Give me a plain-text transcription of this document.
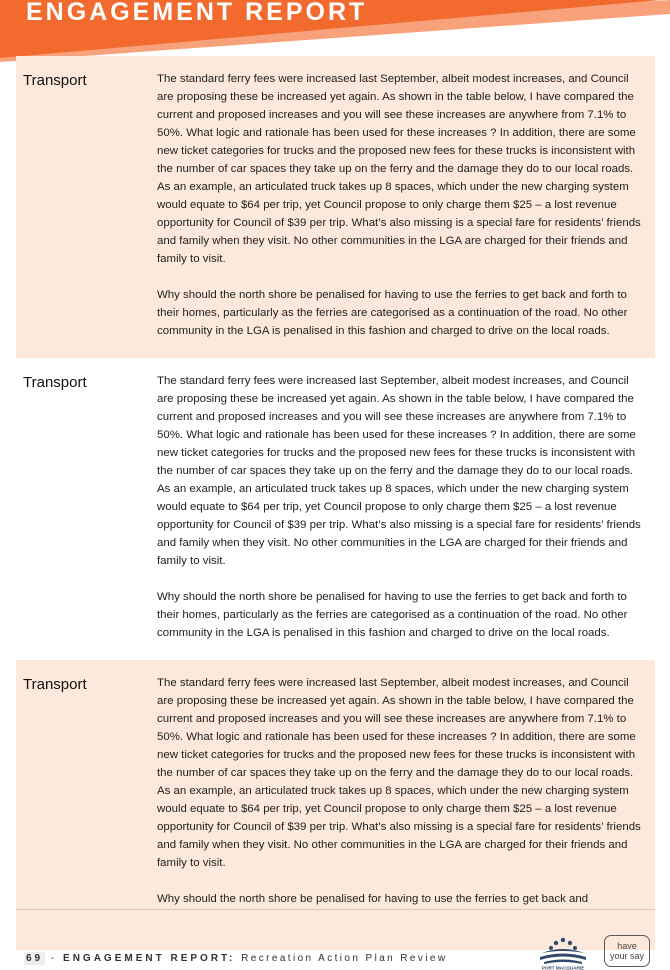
ENGAGEMENT REPORT
Transport	The standard ferry fees were increased last September, albeit modest increases, and Council are proposing these be increased yet again. As shown in the table below, I have compared the current and proposed increases and you will see these increases are anywhere from 7.1% to 50%. What logic and rationale has been used for these increases ? In addition, there are some new ticket categories for trucks and the proposed new fees for these trucks is inconsistent with the number of car spaces they take up on the ferry and the damage they do to our local roads. As an example, an articulated truck takes up 8 spaces, which under the new charging system would equate to $64 per trip, yet Council propose to only charge them $25 – a lost revenue opportunity for Council of $39 per trip. What’s also missing is a special fare for residents’ friends and family when they visit. No other communities in the LGA are charged for their friends and family to visit.

Why should the north shore be penalised for having to use the ferries to get back and forth to their homes, particularly as the ferries are categorised as a continuation of the road. No other community in the LGA is penalised in this fashion and charged to drive on the local roads.

Transport	The standard ferry fees were increased last September, albeit modest increases, and Council are proposing these be increased yet again. As shown in the table below, I have compared the current and proposed increases and you will see these increases are anywhere from 7.1% to 50%. What logic and rationale has been used for these increases ? In addition, there are some new ticket categories for trucks and the proposed new fees for these trucks is inconsistent with the number of car spaces they take up on the ferry and the damage they do to our local roads. As an example, an articulated truck takes up 8 spaces, which under the new charging system would equate to $64 per trip, yet Council propose to only charge them $25 – a lost revenue opportunity for Council of $39 per trip. What’s also missing is a special fare for residents’ friends and family when they visit. No other communities in the LGA are charged for their friends and family to visit.

Why should the north shore be penalised for having to use the ferries to get back and forth to their homes, particularly as the ferries are categorised as a continuation of the road. No other community in the LGA is penalised in this fashion and charged to drive on the local roads.

Transport	The standard ferry fees were increased last September, albeit modest increases, and Council are proposing these be increased yet again. As shown in the table below, I have compared the current and proposed increases and you will see these increases are anywhere from 7.1% to 50%. What logic and rationale has been used for these increases ? In addition, there are some new ticket categories for trucks and the proposed new fees for these trucks is inconsistent with the number of car spaces they take up on the ferry and the damage they do to our local roads. As an example, an articulated truck takes up 8 spaces, which under the new charging system would equate to $64 per trip, yet Council propose to only charge them $25 – a lost revenue opportunity for Council of $39 per trip. What’s also missing is a special fare for residents’ friends and family when they visit. No other communities in the LGA are charged for their friends and family to visit.

Why should the north shore be penalised for having to use the ferries to get back and

69 - ENGAGEMENT REPORT: Recreation Action Plan Review
PORT MACQUARIE
have
your say
